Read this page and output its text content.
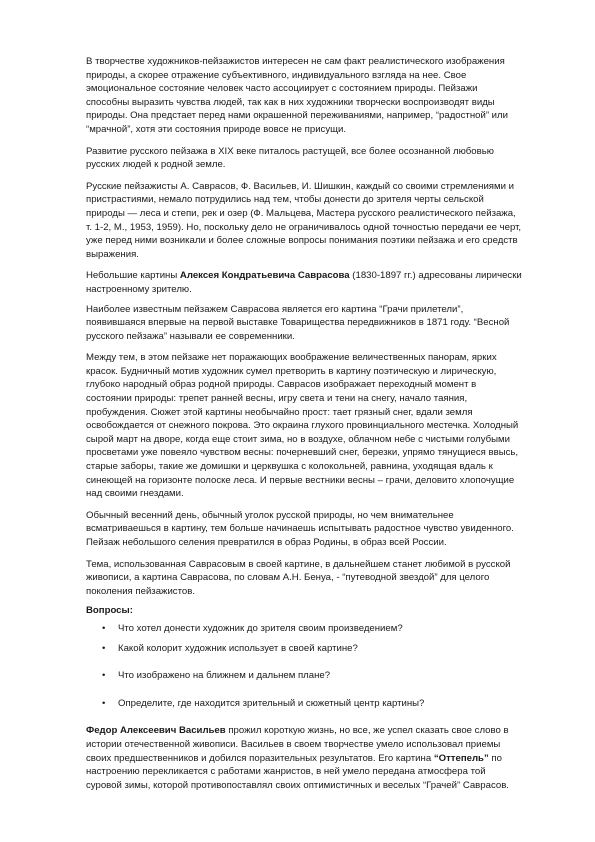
В творчестве художников-пейзажистов интересен не сам факт реалистического изображения природы, а скорее отражение субъективного, индивидуального взгляда на нее. Свое эмоциональное состояние человек часто ассоциирует с состоянием природы. Пейзажи способны выразить чувства людей, так как в них художники творчески воспроизводят виды природы. Она предстает перед нами окрашенной переживаниями, например, “радостной” или “мрачной”, хотя эти состояния природе вовсе не присущи.

Развитие русского пейзажа в XIX веке питалось растущей, все более осознанной любовью русских людей к родной земле.

Русские пейзажисты А. Саврасов, Ф. Васильев, И. Шишкин, каждый со своими стремлениями и пристрастиями, немало потрудились над тем, чтобы донести до зрителя черты сельской природы — леса и степи, рек и озер (Ф. Мальцева, Мастера русского реалистического пейзажа, т. 1-2, М., 1953, 1959). Но, поскольку дело не ограничивалось одной точностью передачи ее черт, уже перед ними возникали и более сложные вопросы понимания поэтики пейзажа и его средств выражения.

Небольшие картины Алексея Кондратьевича Саврасова (1830-1897 гг.) адресованы лирически настроенному зрителю.

Наиболее известным пейзажем Саврасова является его картина “Грачи прилетели”, появившаяся впервые на первой выставке Товарищества передвижников в 1871 году. “Весной русского пейзажа” называли ее современники.

Между тем, в этом пейзаже нет поражающих воображение величественных панорам, ярких красок. Будничный мотив художник сумел претворить в картину поэтическую и лирическую, глубоко народный образ родной природы. Саврасов изображает переходный момент в состоянии природы: трепет ранней весны, игру света и тени на снегу, начало таяния, пробуждения. Сюжет этой картины необычайно прост: тает грязный снег, вдали земля освобождается от снежного покрова. Это окраина глухого провинциального местечка. Холодный сырой март на дворе, когда еще стоит зима, но в воздухе, облачном небе с чистыми голубыми просветами уже повеяло чувством весны: почерневший снег, березки, упрямо тянущиеся ввысь, старые заборы, такие же домишки и церквушка с колокольней, равнина, уходящая вдаль к синеющей на горизонте полоске леса. И первые вестники весны – грачи, деловито хлопочущие над своими гнездами.

Обычный весенний день, обычный уголок русской природы, но чем внимательнее всматриваешься в картину, тем больше начинаешь испытывать радостное чувство увиденного. Пейзаж небольшого селения превратился в образ Родины, в образ всей России.

Тема, использованная Саврасовым в своей картине, в дальнейшем станет любимой в русской живописи, а картина Саврасова, по словам А.Н. Бенуа, - “путеводной звездой” для целого поколения пейзажистов.

Вопросы:

• Что хотел донести художник до зрителя своим произведением?
• Какой колорит художник использует в своей картине?
• Что изображено на ближнем и дальнем плане?
• Определите, где находится зрительный и сюжетный центр картины?

Федор Алексеевич Васильев прожил короткую жизнь, но все, же успел сказать свое слово в истории отечественной живописи. Васильев в своем творчестве умело использовал приемы своих предшественников и добился поразительных результатов. Его картина “Оттепель” по настроению перекликается с работами жанристов, в ней умело передана атмосфера той суровой зимы, которой противопоставлял своих оптимистичных и веселых “Грачей” Саврасов.
